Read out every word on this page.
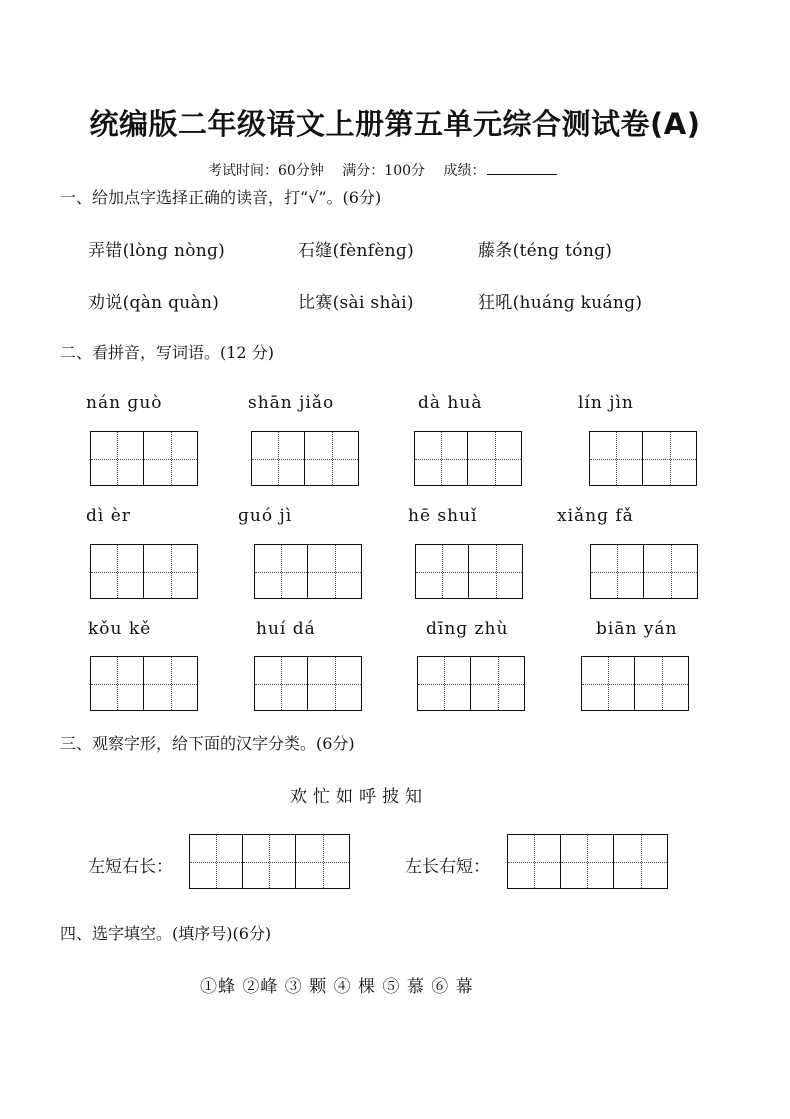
统编版二年级语文上册第五单元综合测试卷(A)
考试时间：60分钟 满分：100分 成绩：
一、给加点字选择正确的读音，打“√”。(6分)
弄错(lònɡ nònɡ)	石缝(fènfènɡ)	藤条(ténɡ tónɡ)
劝说(qàn quàn)	比赛(sài shài)	狂吼(huánɡ kuánɡ)
二、看拼音，写词语。(12 分)
nán ɡuò	shān jiǎo	dà huà	lín jìn
dì èr	ɡuó jì	hē shuǐ	xiǎnɡ fǎ
kǒu kě	huí dá	dīnɡ zhù	biān yán
三、观察字形，给下面的汉字分类。(6分)
欢忙如呼披知
左短右长：	左长右短：
四、选字填空。(填序号)(6分)
①蜂 ②峰 ③ 颗 ④ 棵 ⑤ 慕 ⑥ 幕
